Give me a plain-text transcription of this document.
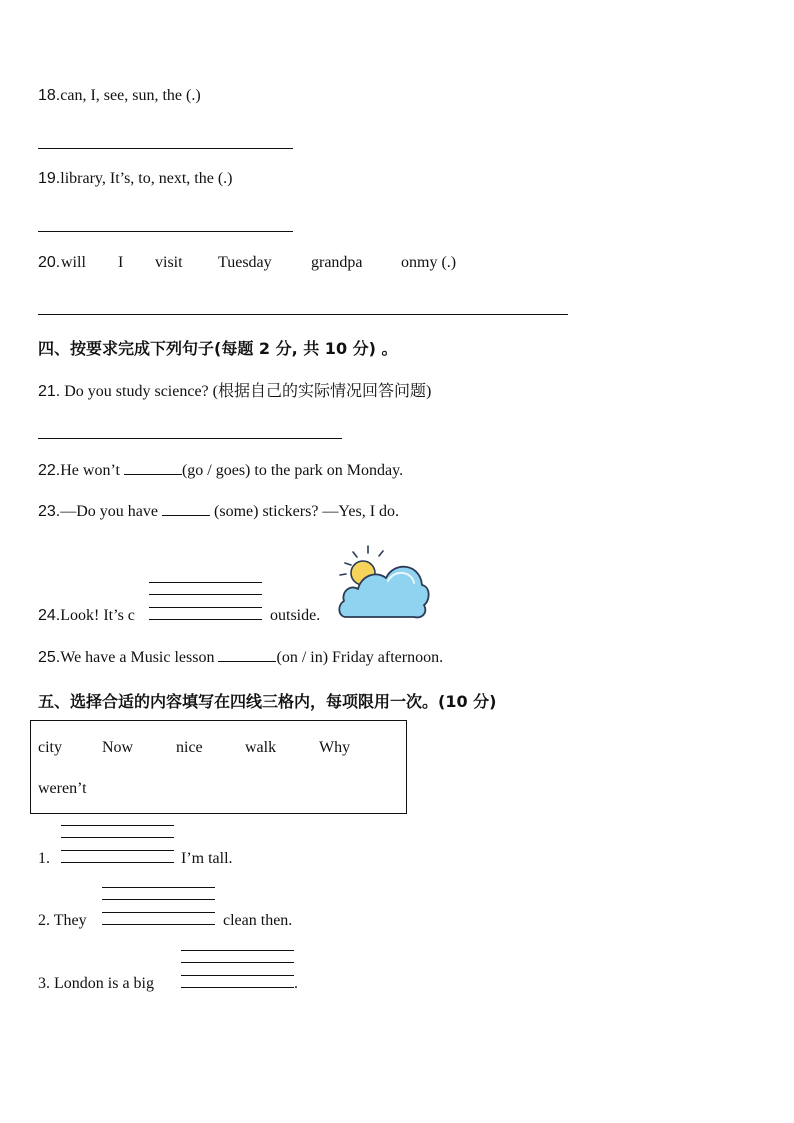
18.can, I, see, sun, the (.)
19.library, It’s, to, next, the (.)
20. will I visit Tuesday grandpa onmy (.)
四、按要求完成下列句子(每题 2 分, 共 10 分) 。
21. Do you study science? (根据自己的实际情况回答问题)
22.He won’t	(go / goes) to the park on Monday.
23.—Do you have	(some) stickers? —Yes, I do.
24.Look! It’s c	outside.
25.We have a Music lesson	(on / in) Friday afternoon.
五、选择合适的内容填写在四线三格内，每项限用一次。(10 分)
city	Now	nice	walk	Why
weren’t
1.	I’m tall.
2. They	clean then.
3. London is a big	.
